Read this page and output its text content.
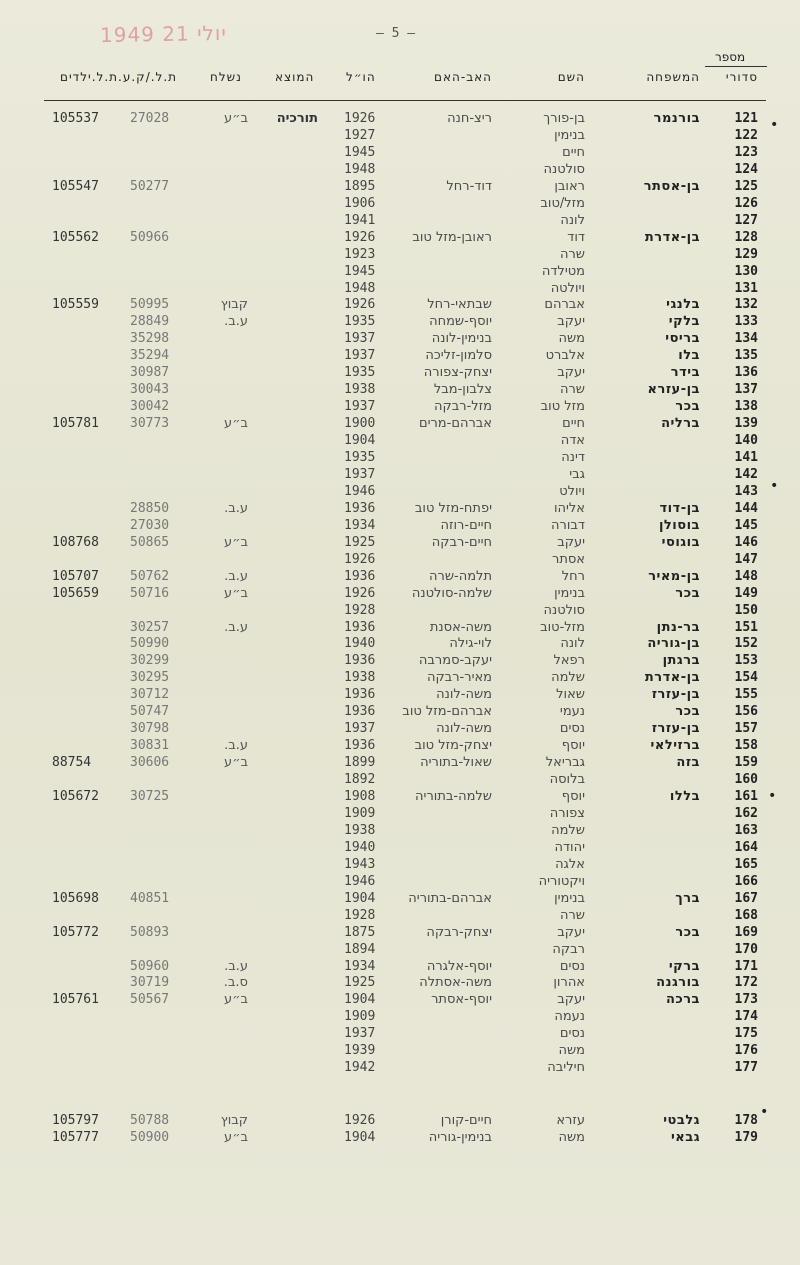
1949 יולי 21	— 5 —
מספר
סדורי
המשפחה
השם
האב-האם
הו״ל
המוצא
נשלח
ת.ל./ק.ע.ת.ל.ילדים
121
בורנמר
בן-פורך
ריצ-חנה
1926
תורכיה
ב״ע
27028
105537
122
בנימין
1927
123
חיים
1945
124
סולטנה
1948
125
בן-אסתר
ראובן
דוד-רחל
1895
50277
105547
126
מזל/טוב
1906
127
לונה
1941
128
בן-אדרת
דוד
ראובן-מזל טוב
1926
50966
105562
129
שרה
1923
130
מטילדה
1945
131
ויולטה
1948
132
בלנגי
אברהם
שבתאי-רחל
1926
קבוץ
50995
105559
133
בלקי
יעקב
יוסף-שמחה
1935
ע.ב.
28849
134
בריסי
משה
בנימין-לונה
1937
35298
135
בלו
אלברט
סלמון-זליכה
1937
35294
136
בידר
יעקב
יצחק-צפורה
1935
30987
137
בן-עזרא
שרה
צלבון-מבל
1938
30043
138
בכר
מזל טוב
מזל-רבקה
1937
30042
139
ברליה
חיים
אברהם-מרים
1900
ב״ע
30773
105781
140
אדה
1904
141
דינה
1935
142
גבי
1937
143
ויולט
1946
144
בן-דוד
אליהו
יפתח-מזל טוב
1936
ע.ב.
28850
145
בוסולן
דבורה
חיים-רוזה
1934
27030
146
בוגוסי
יעקב
חיים-רבקה
1925
ב״ע
50865
108768
147
אסתר
1926
148
בן-מאיר
רחל
תלמה-שרה
1936
ע.ב.
50762
105707
149
בכר
בנימין
שלמה-סולטנה
1926
ב״ע
50716
105659
150
סולטנה
1928
151
בר-נתן
מזל-טוב
משה-אסנת
1936
ע.ב.
30257
152
בן-גוריה
לונה
לוי-גילה
1940
50990
153
ברגתן
רפאל
יעקב-סמרבה
1936
30299
154
בן-אדרת
שלמה
מאיר-רבקה
1938
30295
155
בן-עזרז
שאול
משה-לונה
1936
30712
156
בכר
נעמי
אברהם-מזל טוב
1936
50747
157
בן-עזרז
נסים
משה-לונה
1937
30798
158
ברזילאי
יוסף
יצחק-מזל טוב
1936
ע.ב.
30831
159
בזה
גבריאל
שאול-בתוריה
1899
ב״ע
30606
88754
160
בלוסה
1892
161
בללו
יוסף
שלמה-בתוריה
1908
30725
105672
162
צפורה
1909
163
שלמה
1938
164
יהודה
1940
165
אלגה
1943
166
ויקטוריה
1946
167
ברך
בנימין
אברהם-בתוריה
1904
40851
105698
168
שרה
1928
169
בכר
יעקב
יצחק-רבקה
1875
50893
105772
170
רבקה
1894
171
ברקי
נסים
יוסף-אלגרה
1934
ע.ב.
50960
172
בורגנה
אהרון
משה-אסתלה
1925
ס.ב.
30719
173
ברכה
יעקב
יוסף-אסתר
1904
ב״ע
50567
105761
174
נעמה
1909
175
נסים
1937
176
משה
1939
177
חיליבה
1942
178
גלבטי
עזרא
חיים-קורן
1926
קבוץ
50788
105797
179
גבאי
משה
בנימין-גוריה
1904
ב״ע
50900
105777
•
•
•
•
